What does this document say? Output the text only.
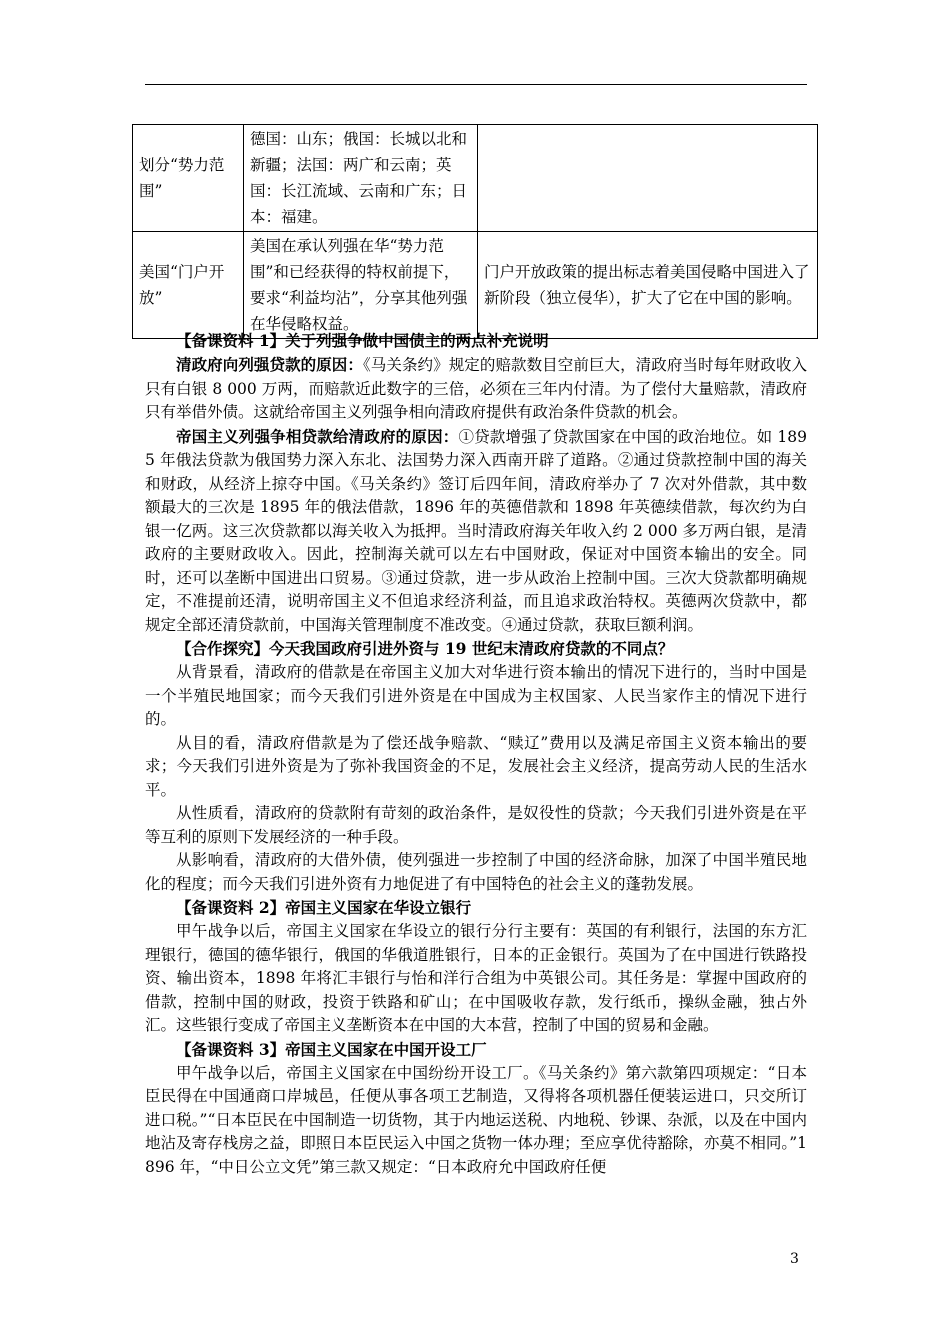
划分“势力范围”	德国：山东；俄国：长城以北和新疆；法国：两广和云南；英国：长江流域、云南和广东；日本：福建。	
美国“门户开放”	美国在承认列强在华“势力范围”和已经获得的特权前提下，要求“利益均沾”，分享其他列强在华侵略权益。	门户开放政策的提出标志着美国侵略中国进入了新阶段（独立侵华），扩大了它在中国的影响。
【备课资料 1】关于列强争做中国债主的两点补充说明

清政府向列强贷款的原因：《马关条约》规定的赔款数目空前巨大，清政府当时每年财政收入只有白银 8 000 万两，而赔款近此数字的三倍，必须在三年内付清。为了偿付大量赔款，清政府只有举借外债。这就给帝国主义列强争相向清政府提供有政治条件贷款的机会。

帝国主义列强争相贷款给清政府的原因：①贷款增强了贷款国家在中国的政治地位。如 1895 年俄法贷款为俄国势力深入东北、法国势力深入西南开辟了道路。②通过贷款控制中国的海关和财政，从经济上掠夺中国。《马关条约》签订后四年间，清政府举办了 7 次对外借款，其中数额最大的三次是 1895 年的俄法借款，1896 年的英德借款和 1898 年英德续借款，每次约为白银一亿两。这三次贷款都以海关收入为抵押。当时清政府海关年收入约 2 000 多万两白银，是清政府的主要财政收入。因此，控制海关就可以左右中国财政，保证对中国资本输出的安全。同时，还可以垄断中国进出口贸易。③通过贷款，进一步从政治上控制中国。三次大贷款都明确规定，不准提前还清，说明帝国主义不但追求经济利益，而且追求政治特权。英德两次贷款中，都规定全部还清贷款前，中国海关管理制度不准改变。④通过贷款，获取巨额利润。

【合作探究】今天我国政府引进外资与 19 世纪末清政府贷款的不同点？

从背景看，清政府的借款是在帝国主义加大对华进行资本输出的情况下进行的，当时中国是一个半殖民地国家；而今天我们引进外资是在中国成为主权国家、人民当家作主的情况下进行的。

从目的看，清政府借款是为了偿还战争赔款、“赎辽”费用以及满足帝国主义资本输出的要求；今天我们引进外资是为了弥补我国资金的不足，发展社会主义经济，提高劳动人民的生活水平。

从性质看，清政府的贷款附有苛刻的政治条件，是奴役性的贷款；今天我们引进外资是在平等互利的原则下发展经济的一种手段。

从影响看，清政府的大借外债，使列强进一步控制了中国的经济命脉，加深了中国半殖民地化的程度；而今天我们引进外资有力地促进了有中国特色的社会主义的蓬勃发展。

【备课资料 2】帝国主义国家在华设立银行

甲午战争以后，帝国主义国家在华设立的银行分行主要有：英国的有利银行，法国的东方汇理银行，德国的德华银行，俄国的华俄道胜银行，日本的正金银行。英国为了在中国进行铁路投资、输出资本，1898 年将汇丰银行与怡和洋行合组为中英银公司。其任务是：掌握中国政府的借款，控制中国的财政，投资于铁路和矿山；在中国吸收存款，发行纸币，操纵金融，独占外汇。这些银行变成了帝国主义垄断资本在中国的大本营，控制了中国的贸易和金融。

【备课资料 3】帝国主义国家在中国开设工厂

甲午战争以后，帝国主义国家在中国纷纷开设工厂。《马关条约》第六款第四项规定：“日本臣民得在中国通商口岸城邑，任便从事各项工艺制造，又得将各项机器任便装运进口，只交所订进口税。”“日本臣民在中国制造一切货物，其于内地运送税、内地税、钞课、杂派，以及在中国内地沾及寄存栈房之益，即照日本臣民运入中国之货物一体办理；至应享优待豁除，亦莫不相同。”1896 年，“中日公立文凭”第三款又规定：“日本政府允中国政府任便

3
